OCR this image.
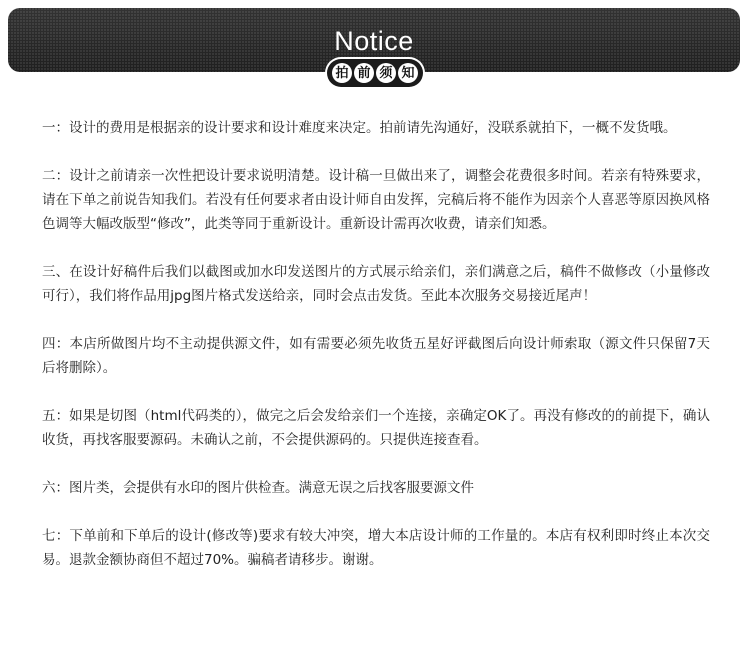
Notice
拍 前 须 知

一：设计的费用是根据亲的设计要求和设计难度来决定。拍前请先沟通好，没联系就拍下，一概不发货哦。

二：设计之前请亲一次性把设计要求说明清楚。设计稿一旦做出来了，调整会花费很多时间。若亲有特殊要求，请在下单之前说告知我们。若没有任何要求者由设计师自由发挥，完稿后将不能作为因亲个人喜恶等原因换风格色调等大幅改版型“修改”，此类等同于重新设计。重新设计需再次收费，请亲们知悉。

三、在设计好稿件后我们以截图或加水印发送图片的方式展示给亲们，亲们满意之后，稿件不做修改（小量修改可行），我们将作品用jpg图片格式发送给亲，同时会点击发货。至此本次服务交易接近尾声！

四：本店所做图片均不主动提供源文件，如有需要必须先收货五星好评截图后向设计师索取（源文件只保留7天后将删除）。

五：如果是切图（html代码类的），做完之后会发给亲们一个连接，亲确定OK了。再没有修改的的前提下，确认收货，再找客服要源码。未确认之前，不会提供源码的。只提供连接查看。

六：图片类，会提供有水印的图片供检查。满意无误之后找客服要源文件

七：下单前和下单后的设计(修改等)要求有较大冲突，增大本店设计师的工作量的。本店有权利即时终止本次交易。退款金额协商但不超过70%。骗稿者请移步。谢谢。
